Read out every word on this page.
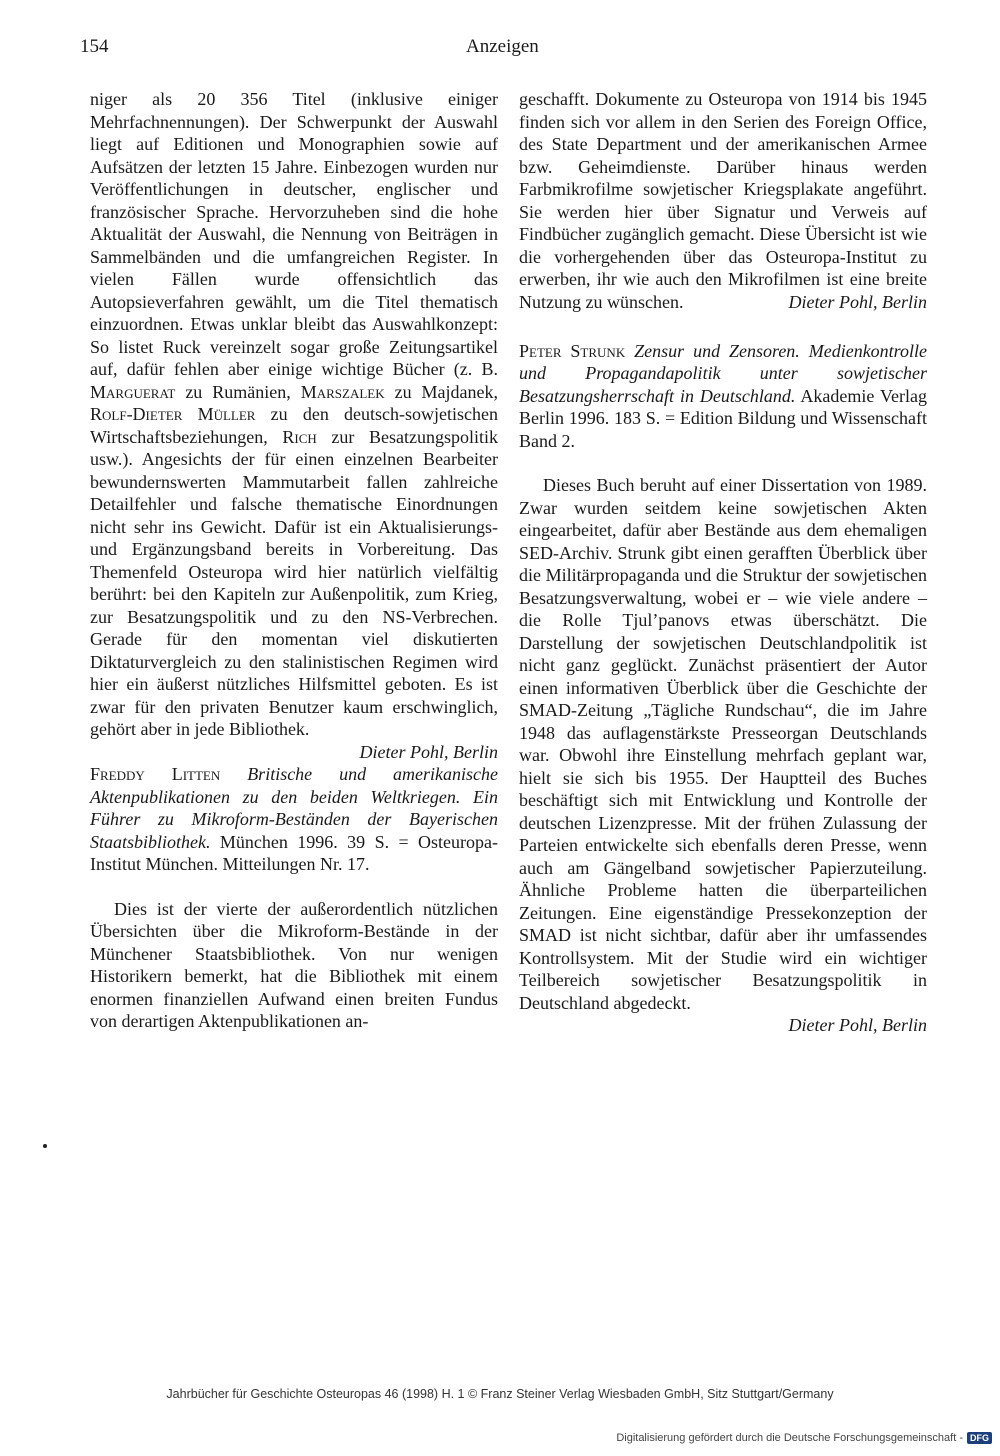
154	Anzeigen

niger als 20 356 Titel (inklusive einiger Mehrfachnennungen). Der Schwerpunkt der Auswahl liegt auf Editionen und Monographien sowie auf Aufsätzen der letzten 15 Jahre. Einbezogen wurden nur Veröffentlichungen in deutscher, englischer und französischer Sprache. Hervorzuheben sind die hohe Aktualität der Auswahl, die Nennung von Beiträgen in Sammelbänden und die umfangreichen Register. In vielen Fällen wurde offensichtlich das Autopsieverfahren gewählt, um die Titel thematisch einzuordnen. Etwas unklar bleibt das Auswahlkonzept: So listet Ruck vereinzelt sogar große Zeitungsartikel auf, dafür fehlen aber einige wichtige Bücher (z. B. Marguerat zu Rumänien, Marszalek zu Majdanek, Rolf-Dieter Müller zu den deutsch-sowjetischen Wirtschaftsbeziehungen, Rich zur Besatzungspolitik usw.). Angesichts der für einen einzelnen Bearbeiter bewundernswerten Mammutarbeit fallen zahlreiche Detailfehler und falsche thematische Einordnungen nicht sehr ins Gewicht. Dafür ist ein Aktualisierungs- und Ergänzungsband bereits in Vorbereitung. Das Themenfeld Osteuropa wird hier natürlich vielfältig berührt: bei den Kapiteln zur Außenpolitik, zum Krieg, zur Besatzungspolitik und zu den NS-Verbrechen. Gerade für den momentan viel diskutierten Diktaturvergleich zu den stalinistischen Regimen wird hier ein äußerst nützliches Hilfsmittel geboten. Es ist zwar für den privaten Benutzer kaum erschwinglich, gehört aber in jede Bibliothek.

Dieter Pohl, Berlin

Freddy Litten Britische und amerikanische Aktenpublikationen zu den beiden Weltkriegen. Ein Führer zu Mikroform-Beständen der Bayerischen Staatsbibliothek. München 1996. 39 S. = Osteuropa-Institut München. Mitteilungen Nr. 17.

Dies ist der vierte der außerordentlich nützlichen Übersichten über die Mikroform-Bestände in der Münchener Staatsbibliothek. Von nur wenigen Historikern bemerkt, hat die Bibliothek mit einem enormen finanziellen Aufwand einen breiten Fundus von derartigen Aktenpublikationen an-

geschafft. Dokumente zu Osteuropa von 1914 bis 1945 finden sich vor allem in den Serien des Foreign Office, des State Department und der amerikanischen Armee bzw. Geheimdienste. Darüber hinaus werden Farbmikrofilme sowjetischer Kriegsplakate angeführt. Sie werden hier über Signatur und Verweis auf Findbücher zugänglich gemacht. Diese Übersicht ist wie die vorhergehenden über das Osteuropa-Institut zu erwerben, ihr wie auch den Mikrofilmen ist eine breite Nutzung zu wünschen.	Dieter Pohl, Berlin

Peter Strunk Zensur und Zensoren. Medienkontrolle und Propagandapolitik unter sowjetischer Besatzungsherrschaft in Deutschland. Akademie Verlag Berlin 1996. 183 S. = Edition Bildung und Wissenschaft Band 2.

Dieses Buch beruht auf einer Dissertation von 1989. Zwar wurden seitdem keine sowjetischen Akten eingearbeitet, dafür aber Bestände aus dem ehemaligen SED-Archiv. Strunk gibt einen gerafften Überblick über die Militärpropaganda und die Struktur der sowjetischen Besatzungsverwaltung, wobei er – wie viele andere – die Rolle Tjul’panovs etwas überschätzt. Die Darstellung der sowjetischen Deutschlandpolitik ist nicht ganz geglückt. Zunächst präsentiert der Autor einen informativen Überblick über die Geschichte der SMAD-Zeitung „Tägliche Rundschau“, die im Jahre 1948 das auflagenstärkste Presseorgan Deutschlands war. Obwohl ihre Einstellung mehrfach geplant war, hielt sie sich bis 1955. Der Hauptteil des Buches beschäftigt sich mit Entwicklung und Kontrolle der deutschen Lizenzpresse. Mit der frühen Zulassung der Parteien entwickelte sich ebenfalls deren Presse, wenn auch am Gängelband sowjetischer Papierzuteilung. Ähnliche Probleme hatten die überparteilichen Zeitungen. Eine eigenständige Pressekonzeption der SMAD ist nicht sichtbar, dafür aber ihr umfassendes Kontrollsystem. Mit der Studie wird ein wichtiger Teilbereich sowjetischer Besatzungspolitik in Deutschland abgedeckt.

Dieter Pohl, Berlin
Jahrbücher für Geschichte Osteuropas 46 (1998) H. 1 © Franz Steiner Verlag Wiesbaden GmbH, Sitz Stuttgart/Germany
Digitalisierung gefördert durch die Deutsche Forschungsgemeinschaft - DFG
